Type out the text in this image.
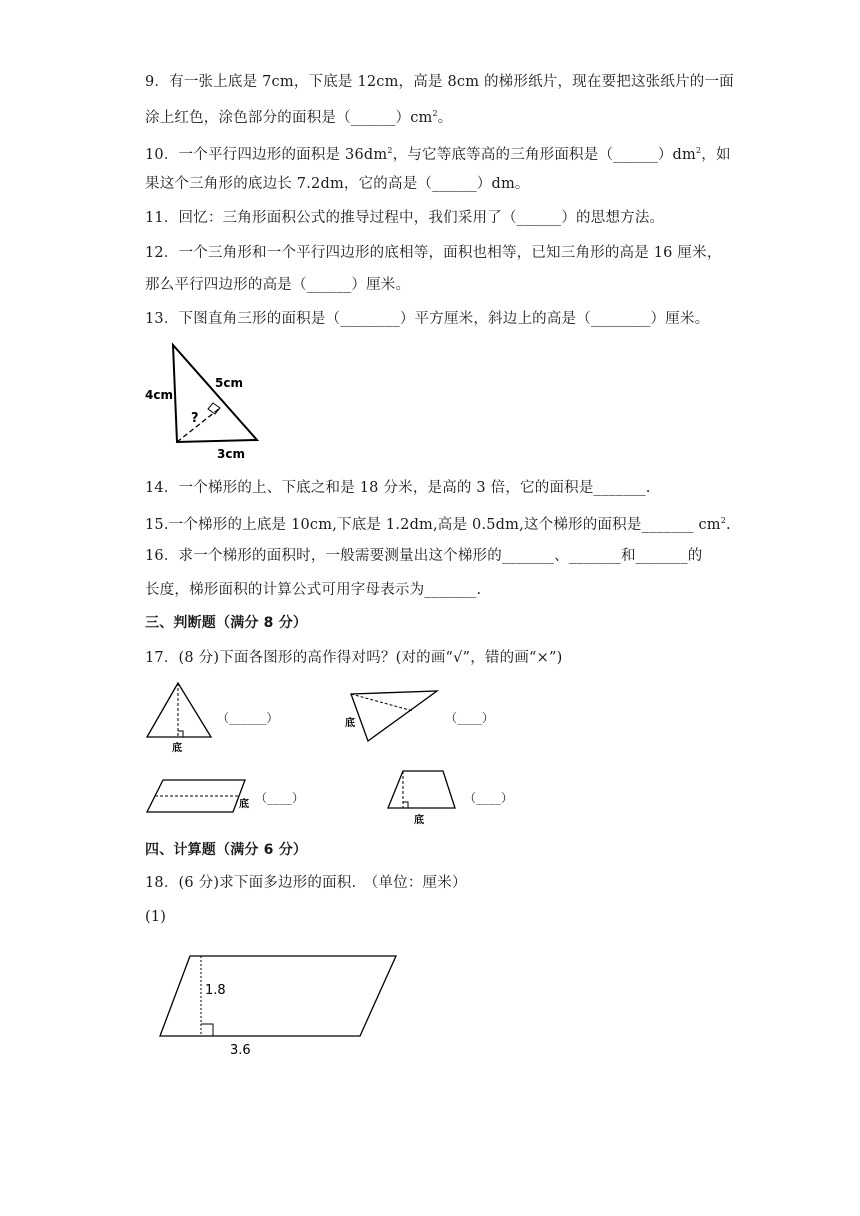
9．有一张上底是 7cm，下底是 12cm，高是 8cm 的梯形纸片，现在要把这张纸片的一面
涂上红色，涂色部分的面积是$(\_\_\_\_\_\_)cm^2$。
10．一个平行四边形的面积是 $36dm^2$，与它等底等高的三角形面积是$(\_\_\_\_\_\_)dm^2$，如
果这个三角形的底边长 7.2dm，它的高是（______）dm。
11．回忆：三角形面积公式的推导过程中，我们采用了（______）的思想方法。
12．一个三角形和一个平行四边形的底相等，面积也相等，已知三角形的高是 16 厘米，
那么平行四边形的高是（______）厘米。
13．下图直角三形的面积是（________）平方厘米，斜边上的高是（________）厘米。
4cm
5cm
3cm
?
14．一个梯形的上、下底之和是 18 分米，是高的 3 倍，它的面积是_______.
15.一个梯形的上底是 10cm,下底是 1.2dm,高是 0.5dm,这个梯形的面积是_______ $cm^2$.
16．求一个梯形的面积时，一般需要测量出这个梯形的_______、_______和_______的
长度，梯形面积的计算公式可用字母表示为_______.
三、判断题（满分 8 分）
17．(8 分)下面各图形的高作得对吗？(对的画“√”，错的画“×”)
底
（______）	底	（____）
底 （____）
底
（____）
四、计算题（满分 6 分）
18．(6 分)求下面多边形的面积.　（单位：厘米）
(1)
1.8
3.6
